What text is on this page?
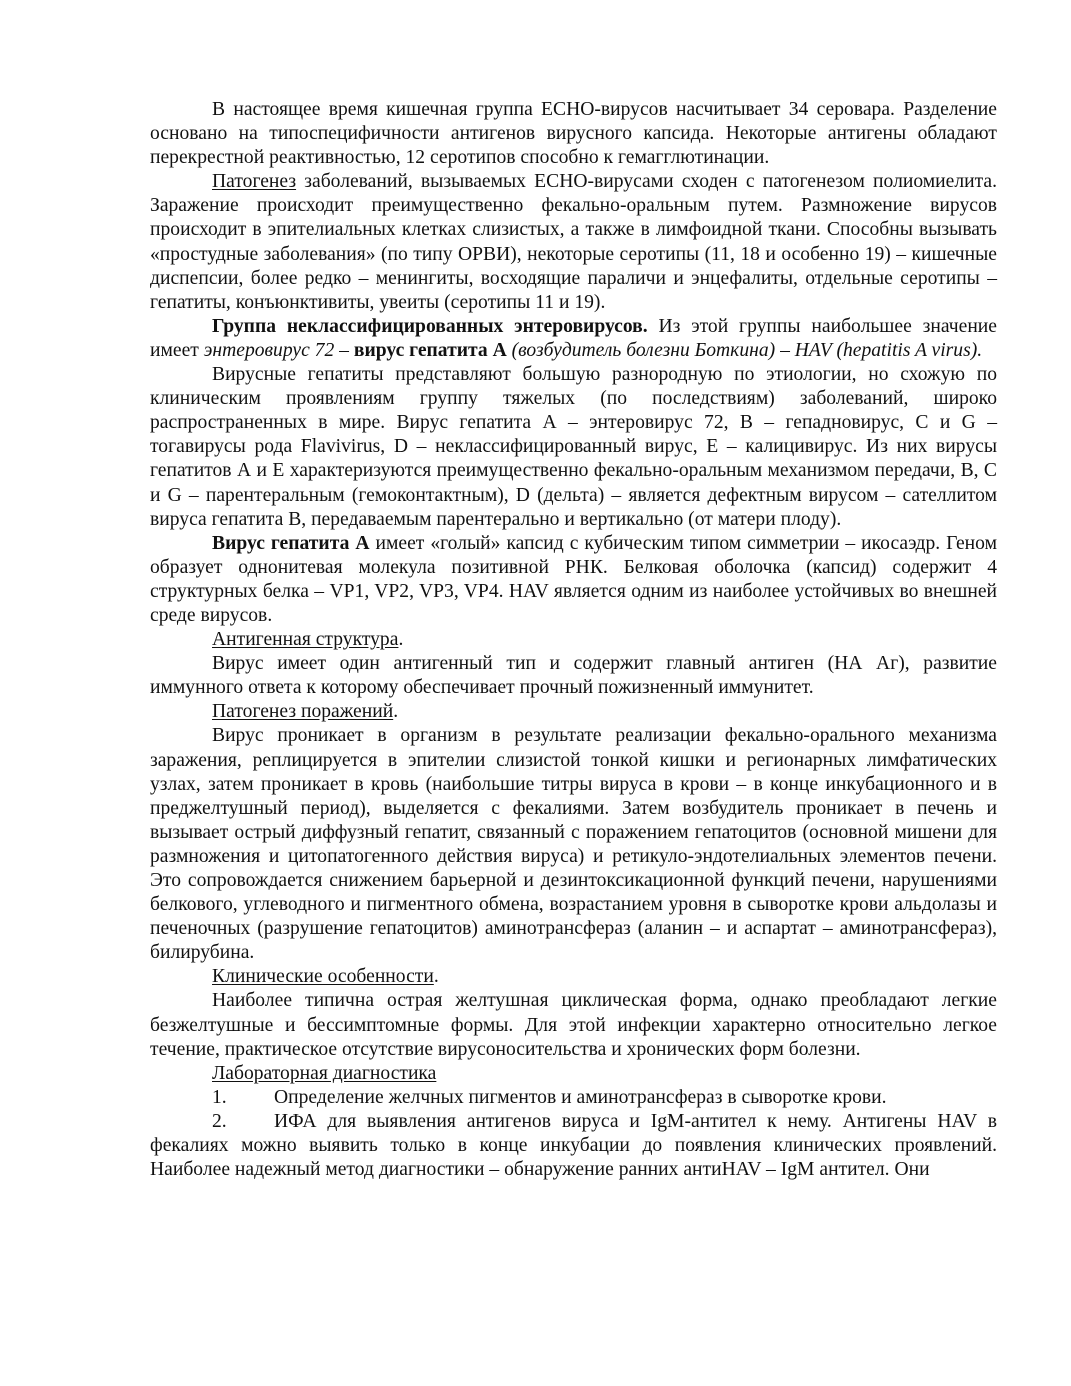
В настоящее время кишечная группа ЕСНО-вирусов насчитывает 34 серовара. Разделение основано на типоспецифичности антигенов вирусного капсида. Некоторые антигены обладают перекрестной реактивностью, 12 серотипов способно к гемагглютинации.

Патогенез заболеваний, вызываемых ЕСНО-вирусами сходен с патогенезом полиомиелита. Заражение происходит преимущественно фекально-оральным путем. Размножение вирусов происходит в эпителиальных клетках слизистых, а также в лимфоидной ткани. Способны вызывать «простудные заболевания» (по типу ОРВИ), некоторые серотипы (11, 18 и особенно 19) – кишечные диспепсии, более редко – менингиты, восходящие параличи и энцефалиты, отдельные серотипы – гепатиты, конъюнктивиты, увеиты (серотипы 11 и 19).

Группа неклассифицированных энтеровирусов. Из этой группы наибольшее значение имеет энтеровирус 72 – вирус гепатита А (возбудитель болезни Боткина) – HAV (hepatitis A virus).

Вирусные гепатиты представляют большую разнородную по этиологии, но схожую по клиническим проявлениям группу тяжелых (по последствиям) заболеваний, широко распространенных в мире. Вирус гепатита А – энтеровирус 72, В – гепадновирус, С и G – тогавирусы рода Flavivirus, D – неклассифицированный вирус, Е – калицивирус. Из них вирусы гепатитов А и Е характеризуются преимущественно фекально-оральным механизмом передачи, В, С и G – парентеральным (гемоконтактным), D (дельта) – является дефектным вирусом – сателлитом вируса гепатита В, передаваемым парентерально и вертикально (от матери плоду).

Вирус гепатита А имеет «голый» капсид с кубическим типом симметрии – икосаэдр. Геном образует однонитевая молекула позитивной РНК. Белковая оболочка (капсид) содержит 4 структурных белка – VP1, VP2, VP3, VP4. HAV является одним из наиболее устойчивых во внешней среде вирусов.

Антигенная структура.

Вирус имеет один антигенный тип и содержит главный антиген (НА Аг), развитие иммунного ответа к которому обеспечивает прочный пожизненный иммунитет.

Патогенез поражений.

Вирус проникает в организм в результате реализации фекально-орального механизма заражения, реплицируется в эпителии слизистой тонкой кишки и регионарных лимфатических узлах, затем проникает в кровь (наибольшие титры вируса в крови – в конце инкубационного и в преджелтушный период), выделяется с фекалиями. Затем возбудитель проникает в печень и вызывает острый диффузный гепатит, связанный с поражением гепатоцитов (основной мишени для размножения и цитопатогенного действия вируса) и ретикуло-эндотелиальных элементов печени. Это сопровождается снижением барьерной и дезинтоксикационной функций печени, нарушениями белкового, углеводного и пигментного обмена, возрастанием уровня в сыворотке крови альдолазы и печеночных (разрушение гепатоцитов) аминотрансфераз (аланин – и аспартат – аминотрансфераз), билирубина.

Клинические особенности.

Наиболее типична острая желтушная циклическая форма, однако преобладают легкие безжелтушные и бессимптомные формы. Для этой инфекции характерно относительно легкое течение, практическое отсутствие вирусоносительства и хронических форм болезни.

Лабораторная диагностика

1. Определение желчных пигментов и аминотрансфераз в сыворотке крови.

2. ИФА для выявления антигенов вируса и IgM-антител к нему. Антигены HAV в фекалиях можно выявить только в конце инкубации до появления клинических проявлений. Наиболее надежный метод диагностики – обнаружение ранних антиHAV – IgM антител. Они
